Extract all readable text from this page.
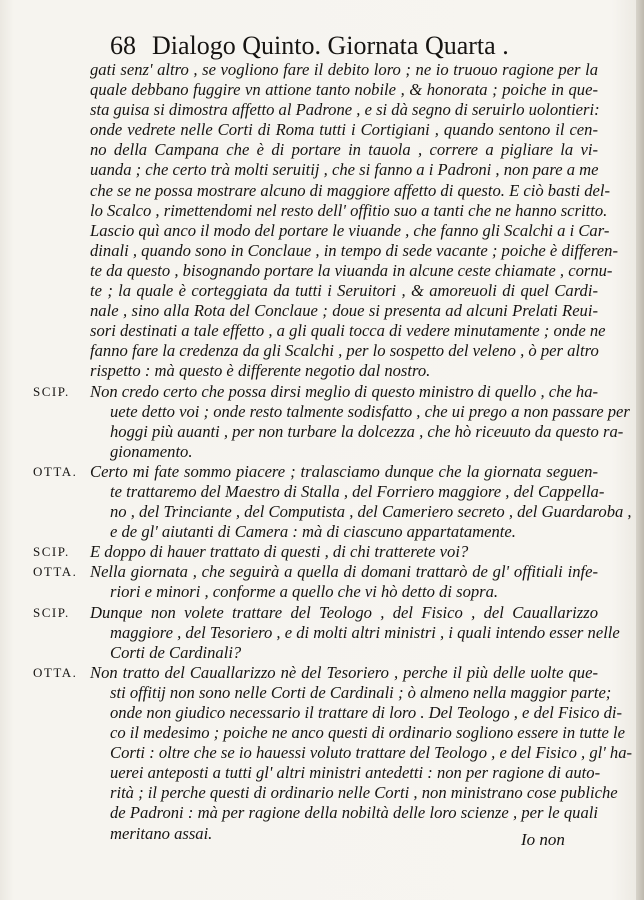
68 Dialogo Quinto. Giornata Quarta .
gati senz' altro , se vogliono fare il debito loro ; ne io truouo ragione per la
quale debbano fuggire vn attione tanto nobile , & honorata ; poiche in que-
sta guisa si dimostra affetto al Padrone , e si dà segno di seruirlo uolontieri:
onde vedrete nelle Corti di Roma tutti i Cortigiani , quando sentono il cen-
no della Campana che è di portare in tauola , correre a pigliare la vi-
uanda ; che certo trà molti seruitij , che si fanno a i Padroni , non pare a me
che se ne possa mostrare alcuno di maggiore affetto di questo. E ciò basti del-
lo Scalco , rimettendomi nel resto dell' offitio suo a tanti che ne hanno scritto.
Lascio quì anco il modo del portare le viuande , che fanno gli Scalchi a i Car-
dinali , quando sono in Conclaue , in tempo di sede vacante ; poiche è differen-
te da questo , bisognando portare la viuanda in alcune ceste chiamate , cornu-
te ; la quale è corteggiata da tutti i Seruitori , & amoreuoli di quel Cardi-
nale , sino alla Rota del Conclaue ; doue si presenta ad alcuni Prelati Reui-
sori destinati a tale effetto , a gli quali tocca di vedere minutamente ; onde ne
fanno fare la credenza da gli Scalchi , per lo sospetto del veleno , ò per altro
rispetto : mà questo è differente negotio dal nostro.
SCIP. Non credo certo che possa dirsi meglio di questo ministro di quello , che ha-
uete detto voi ; onde resto talmente sodisfatto , che ui prego a non passare per
hoggi più auanti , per non turbare la dolcezza , che hò riceuuto da questo ra-
gionamento.
OTTA. Certo mi fate sommo piacere ; tralasciamo dunque che la giornata seguen-
te trattaremo del Maestro di Stalla , del Forriero maggiore , del Cappella-
no , del Trinciante , del Computista , del Cameriero secreto , del Guardaroba ,
e de gl' aiutanti di Camera : mà di ciascuno appartatamente.
SCIP. E doppo di hauer trattato di questi , di chi tratterete voi?
OTTA. Nella giornata , che seguirà a quella di domani trattarò de gl' offitiali infe-
riori e minori , conforme a quello che vi hò detto di sopra.
SCIP. Dunque non volete trattare del Teologo , del Fisico , del Cauallarizzo
maggiore , del Tesoriero , e di molti altri ministri , i quali intendo esser nelle
Corti de Cardinali?
OTTA. Non tratto del Cauallarizzo nè del Tesoriero , perche il più delle uolte que-
sti offitij non sono nelle Corti de Cardinali ; ò almeno nella maggior parte;
onde non giudico necessario il trattare di loro . Del Teologo , e del Fisico di-
co il medesimo ; poiche ne anco questi di ordinario sogliono essere in tutte le
Corti : oltre che se io hauessi voluto trattare del Teologo , e del Fisico , gl' ha-
uerei anteposti a tutti gl' altri ministri antedetti : non per ragione di auto-
rità ; il perche questi di ordinario nelle Corti , non ministrano cose publiche
de Padroni : mà per ragione della nobiltà delle loro scienze , per le quali
meritano assai.	Io non
